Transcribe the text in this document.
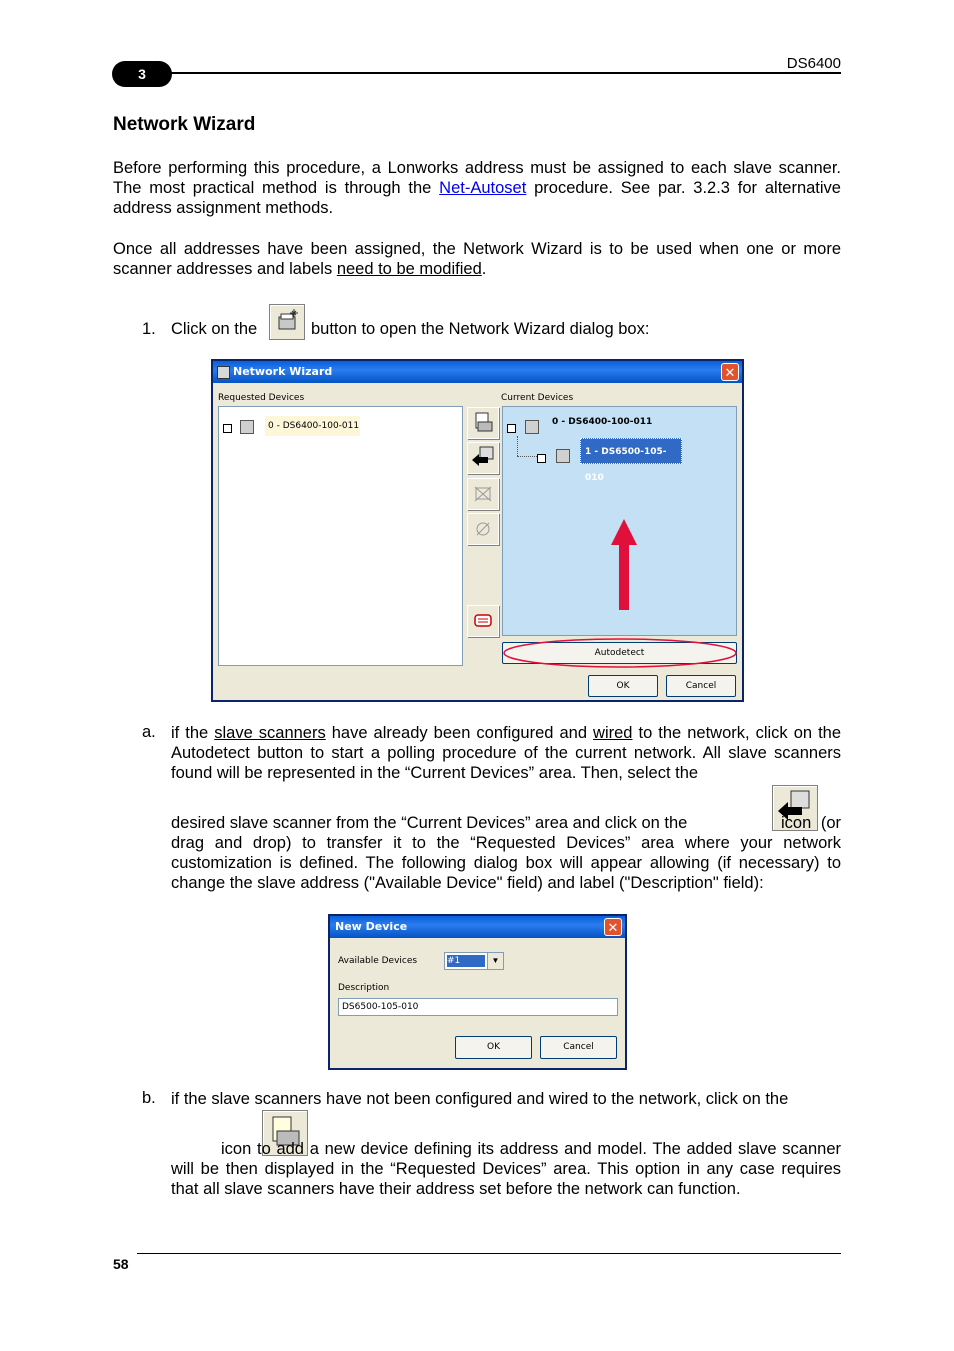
3
DS6400
Network Wizard
Before performing this procedure, a Lonworks address must be assigned to each slave scanner. The most practical method is through the Net-Autoset procedure. See par. 3.2.3 for alternative address assignment methods.
Once all addresses have been assigned, the Network Wizard is to be used when one or more scanner addresses and labels need to be modified.
1. Click on the
	button to open the Network Wizard dialog box:
Network Wizard	✕
Requested Devices
0 - DS6400-100-011
Current Devices
0 - DS6400-100-011
1 - DS6500-105-010
Autodetect
OK	Cancel
a. if the slave scanners have already been configured and wired to the network, click on the Autodetect button to start a polling procedure of the current network. All slave scanners found will be represented in the “Current Devices” area. Then, select the
desired slave scanner from the “Current Devices” area and click on the
	icon (or drag and drop) to transfer it to the “Requested Devices” area where your network customization is defined. The following dialog box will appear allowing (if necessary) to change the slave address ("Available Device" field) and label ("Description" field):
New Device	✕
Available Devices	#1	▼
Description
DS6500-105-010
OK	Cancel
b. if the slave scanners have not been configured and wired to the network, click on the
icon to add a new device defining its address and model. The added slave scanner will be then displayed in the “Requested Devices” area. This option in any case requires that all slave scanners have their address set before the network can function.
58
